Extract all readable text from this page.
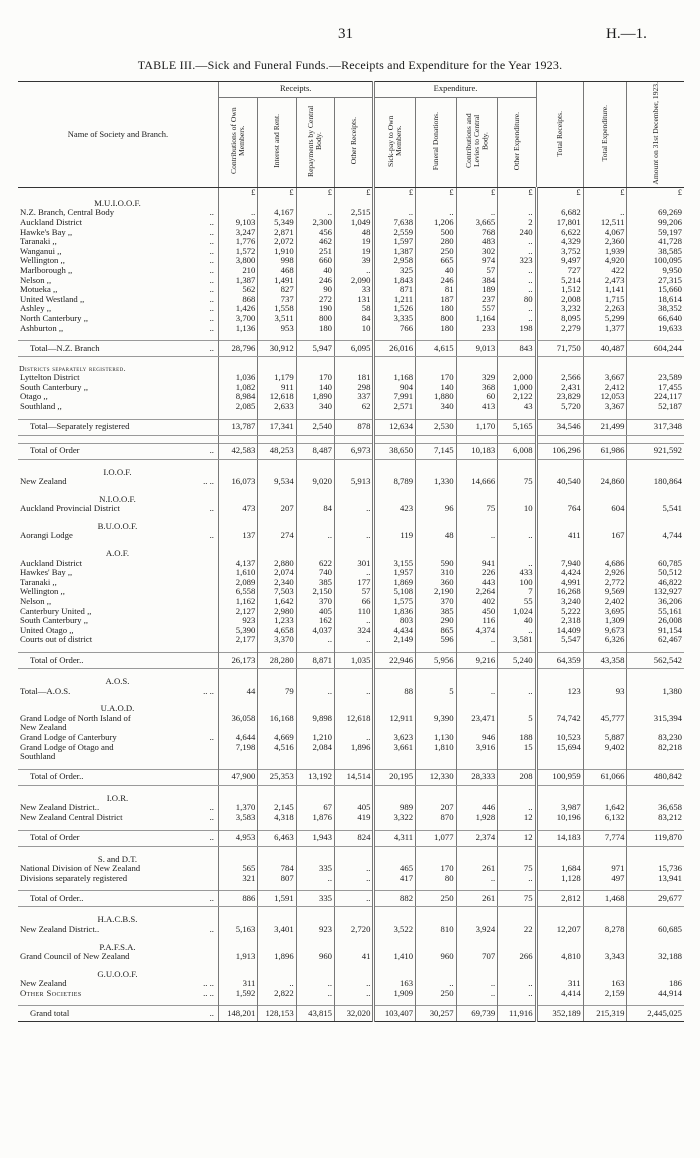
31	H.—1.
TABLE III.—Sick and Funeral Funds.—Receipts and Expenditure for the Year 1923.
Name of Society and Branch.	Receipts.				Expenditure.				Total Receipts.	Total Expenditure.	Amount on 31st December, 1923.
	Contributions of Own Members.	Interest and Rent.	Repayments by Central Body.	Other Receipts.	Sick-pay to Own Members.	Funeral Donations.	Contributions and Levies to Central Body.	Other Expenditure.			
	£	£	£	£	£	£	£	£	£	£	£
M.U.I.O.O.F.											
N.Z. Branch, Central Body ..	..	4,167	..	2,515	..	..	..	..	6,682	..	69,269
Auckland District ..	9,103	5,349	2,300	1,049	7,638	1,206	3,665	2	17,801	12,511	99,206
Hawke's Bay ,, ..	3,247	2,871	456	48	2,559	500	768	240	6,622	4,067	59,197
Taranaki ,, ..	1,776	2,072	462	19	1,597	280	483	..	4,329	2,360	41,728
Wanganui ,, ..	1,572	1,910	251	19	1,387	250	302	..	3,752	1,939	38,585
Wellington ,, ..	3,800	998	660	39	2,958	665	974	323	9,497	4,920	100,095
Marlborough ,, ..	210	468	40	..	325	40	57	..	727	422	9,950
Nelson ,, ..	1,387	1,491	246	2,090	1,843	246	384	..	5,214	2,473	27,315
Motueka ,, ..	562	827	90	33	871	81	189	..	1,512	1,141	15,660
United Westland ,, ..	868	737	272	131	1,211	187	237	80	2,008	1,715	18,614
Ashley ,, ..	1,426	1,558	190	58	1,526	180	557	..	3,232	2,263	38,352
North Canterbury ,, ..	3,700	3,511	800	84	3,335	800	1,164	..	8,095	5,299	66,640
Ashburton ,, ..	1,136	953	180	10	766	180	233	198	2,279	1,377	19,633

Total—N.Z. Branch ..	28,796	30,912	5,947	6,095	26,016	4,615	9,013	843	71,750	40,487	604,244

Districts separately registered.											
Lyttelton District	1,036	1,179	170	181	1,168	170	329	2,000	2,566	3,667	23,589
South Canterbury ,,	1,082	911	140	298	904	140	368	1,000	2,431	2,412	17,455
Otago ,,	8,984	12,618	1,890	337	7,991	1,880	60	2,122	23,829	12,053	224,117
Southland ,,	2,085	2,633	340	62	2,571	340	413	43	5,720	3,367	52,187

Total—Separately registered	13,787	17,341	2,540	878	12,634	2,530	1,170	5,165	34,546	21,499	317,348

Total of Order ..	42,583	48,253	8,487	6,973	38,650	7,145	10,183	6,008	106,296	61,986	921,592

I.O.O.F.											
New Zealand .. ..	16,073	9,534	9,020	5,913	8,789	1,330	14,666	75	40,540	24,860	180,864

N.I.O.O.F.											
Auckland Provincial District ..	473	207	84	..	423	96	75	10	764	604	5,541

B.U.O.O.F.											
Aorangi Lodge ..	137	274	..	..	119	48	..	..	411	167	4,744

A.O.F.											
Auckland District	4,137	2,880	622	301	3,155	590	941	..	7,940	4,686	60,785
Hawkes' Bay ,,	1,610	2,074	740	..	1,957	310	226	433	4,424	2,926	50,512
Taranaki ,,	2,089	2,340	385	177	1,869	360	443	100	4,991	2,772	46,822
Wellington ,,	6,558	7,503	2,150	57	5,108	2,190	2,264	7	16,268	9,569	132,927
Nelson ,,	1,162	1,642	370	66	1,575	370	402	55	3,240	2,402	36,206
Canterbury United ,,	2,127	2,980	405	110	1,836	385	450	1,024	5,222	3,695	55,161
South Canterbury ,,	923	1,233	162	..	803	290	116	40	2,318	1,309	26,008
United Otago ,,	5,390	4,658	4,037	324	4,434	865	4,374	..	14,409	9,673	91,154
Courts out of district	2,177	3,370	..	..	2,149	596	..	3,581	5,547	6,326	62,467

Total of Order..	26,173	28,280	8,871	1,035	22,946	5,956	9,216	5,240	64,359	43,358	562,542

A.O.S.											
Total—A.O.S. .. ..	44	79	..	..	88	5	..	..	123	93	1,380

U.A.O.D.											
Grand Lodge of North Island of	36,058	16,168	9,898	12,618	12,911	9,390	23,471	5	74,742	45,777	315,394
New Zealand

Grand Lodge of Canterbury ..	4,644	4,669	1,210	..	3,623	1,130	946	188	10,523	5,887	83,230
Grand Lodge of Otago and	7,198	4,516	2,084	1,896	3,661	1,810	3,916	15	15,694	9,402	82,218
Southland

Total of Order..	47,900	25,353	13,192	14,514	20,195	12,330	28,333	208	100,959	61,066	480,842

I.O.R.											
New Zealand District.. ..	1,370	2,145	67	405	989	207	446	..	3,987	1,642	36,658
New Zealand Central District ..	3,583	4,318	1,876	419	3,322	870	1,928	12	10,196	6,132	83,212

Total of Order ..	4,953	6,463	1,943	824	4,311	1,077	2,374	12	14,183	7,774	119,870

S. and D.T.											
National Division of New Zealand	565	784	335	..	465	170	261	75	1,684	971	15,736
Divisions separately registered	321	807	..	..	417	80	..	..	1,128	497	13,941

Total of Order.. ..	886	1,591	335	..	882	250	261	75	2,812	1,468	29,677

H.A.C.B.S.											
New Zealand District.. ..	5,163	3,401	923	2,720	3,522	810	3,924	22	12,207	8,278	60,685

P.A.F.S.A.											
Grand Council of New Zealand	1,913	1,896	960	41	1,410	960	707	266	4,810	3,343	32,188

G.U.O.O.F.											
New Zealand .. ..	311	..	..	..	163	..	..	..	311	163	186
Other Societies .. ..	1,592	2,822	..	..	1,909	250	..	..	4,414	2,159	44,914

Grand total ..	148,201	128,153	43,815	32,020	103,407	30,257	69,739	11,916	352,189	215,319	2,445,025
